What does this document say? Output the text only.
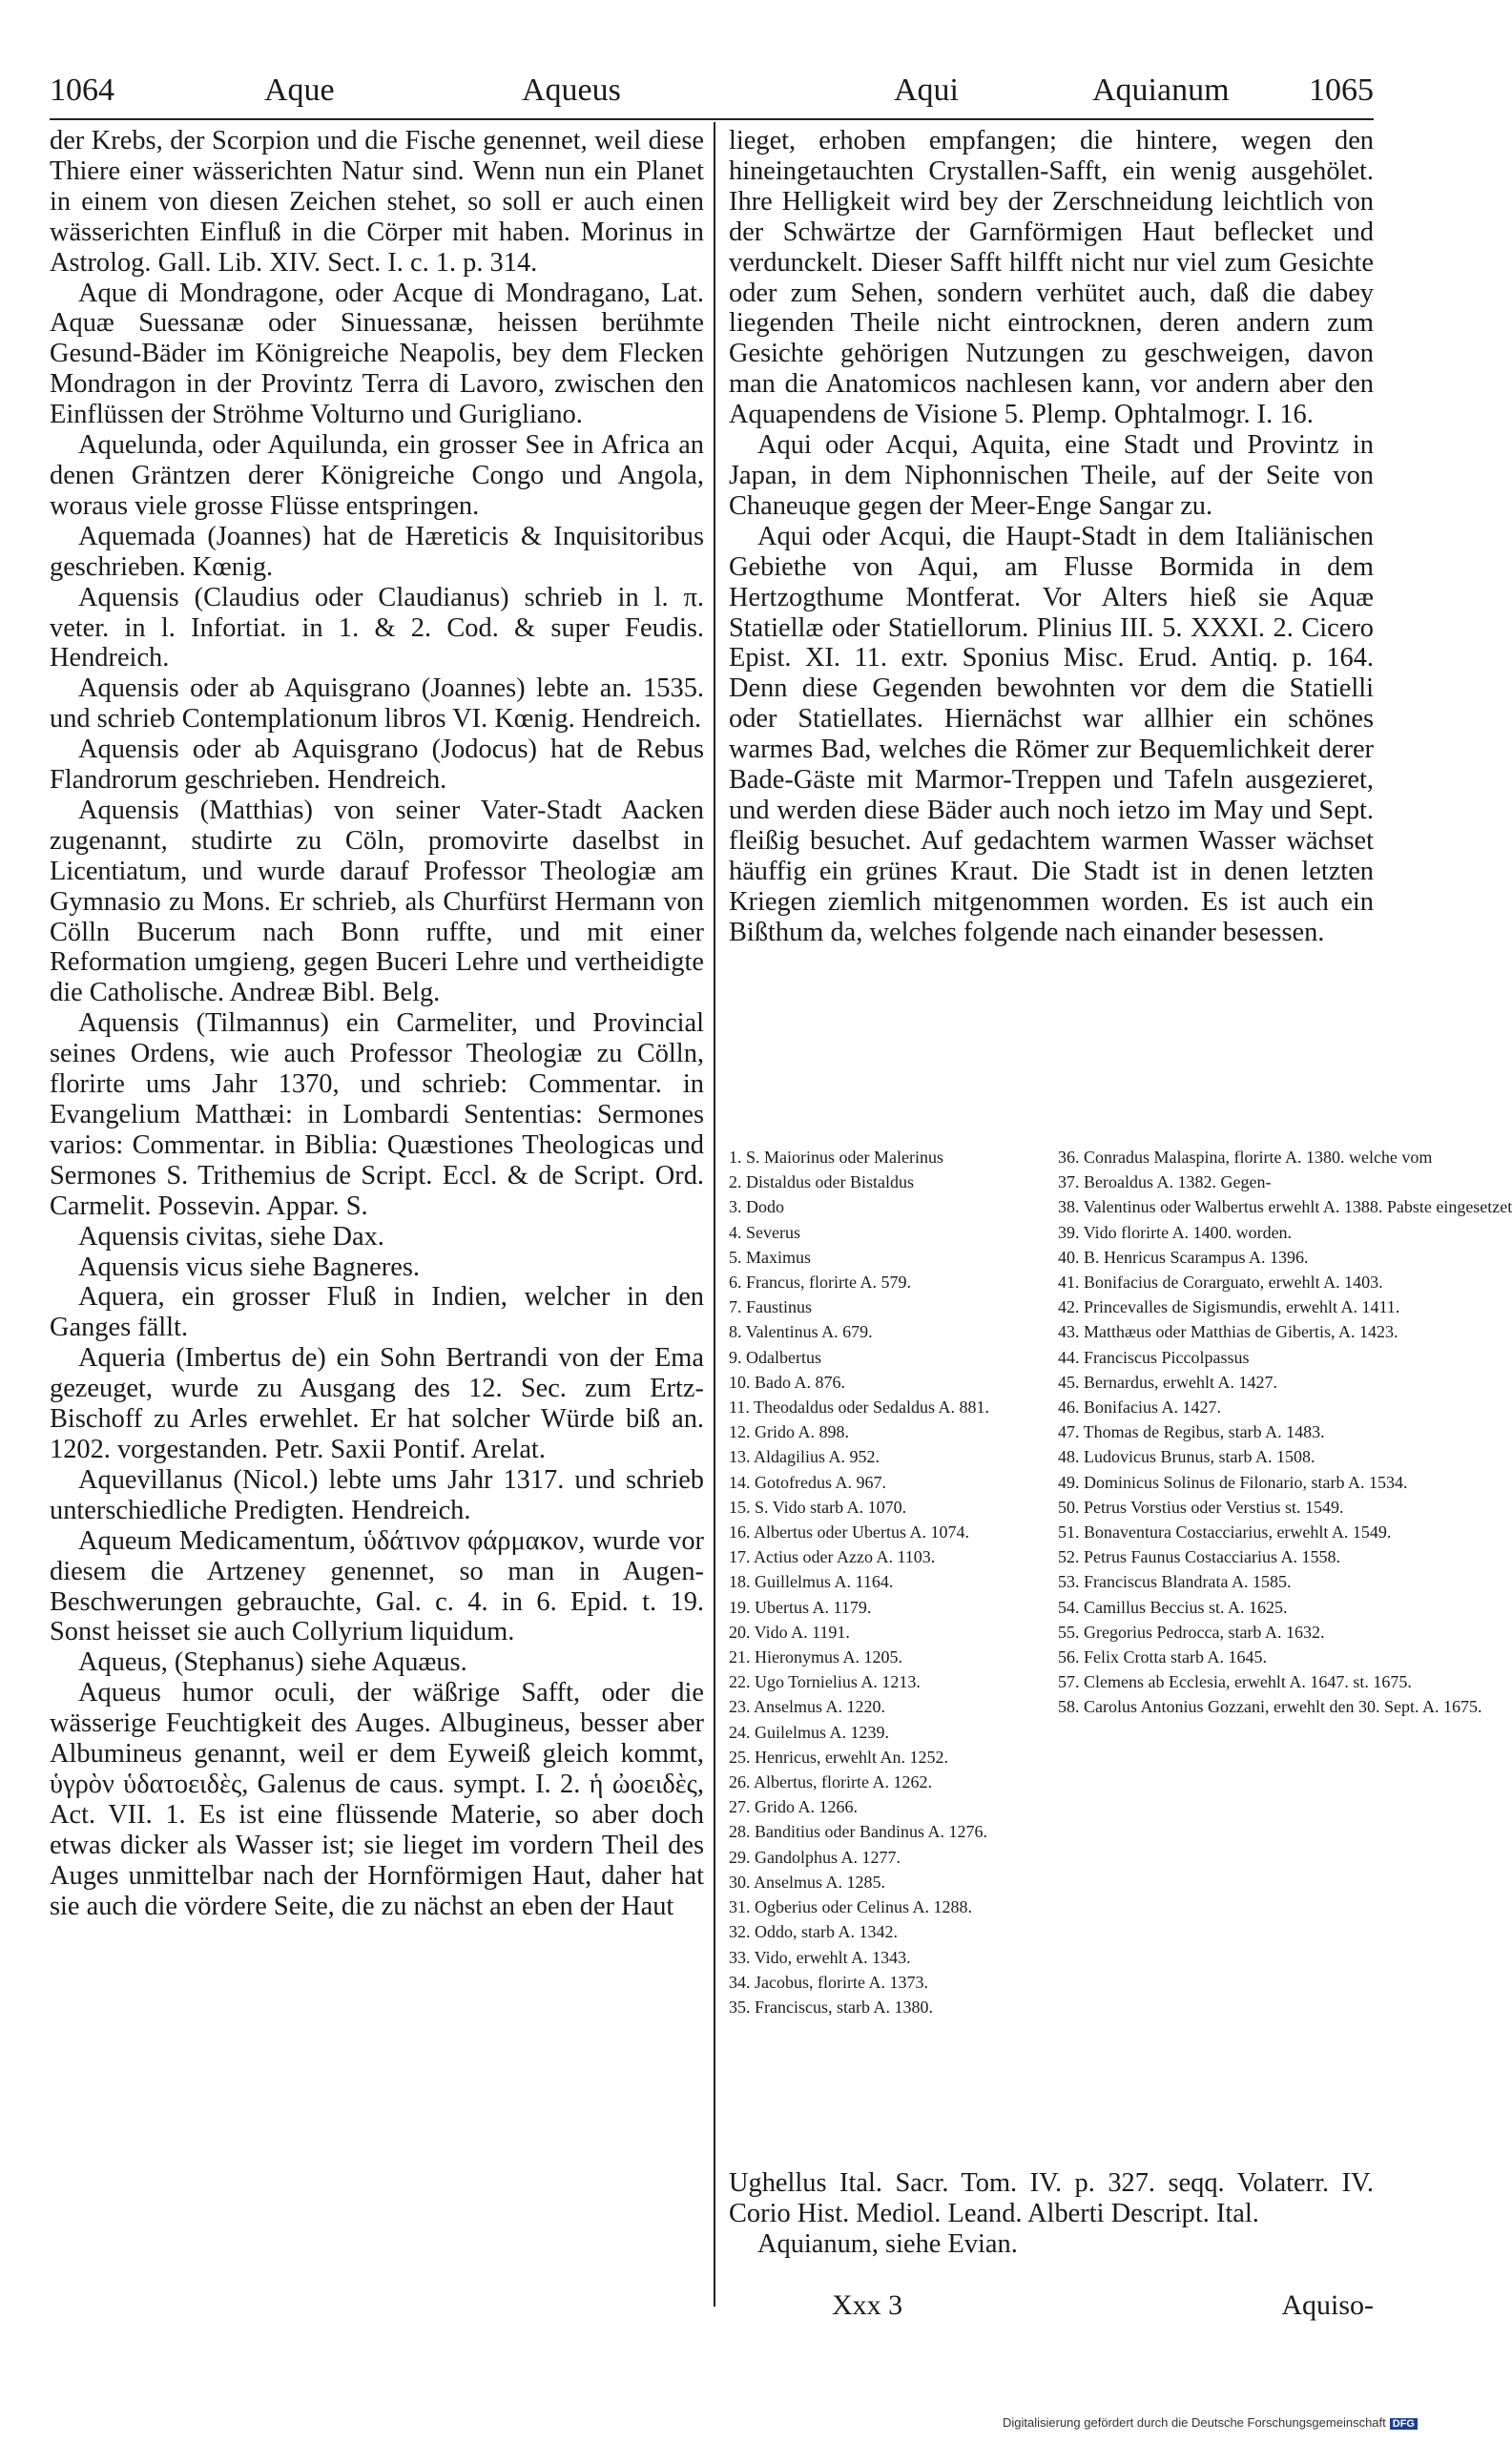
1064	Aque	Aqueus	Aqui	Aquianum 1065

der Krebs, der Scorpion und die Fische genennet, weil diese Thiere einer wässerichten Natur sind. Wenn nun ein Planet in einem von diesen Zeichen stehet, so soll er auch einen wässerichten Einfluß in die Cörper mit haben. Morinus in Astrolog. Gall. Lib. XIV. Sect. I. c. 1. p. 314.

Aque di Mondragone, oder Acque di Mondragano, Lat. Aquæ Suessanæ oder Sinuessanæ, heissen berühmte Gesund-Bäder im Königreiche Neapolis, bey dem Flecken Mondragon in der Provintz Terra di Lavoro, zwischen den Einflüssen der Ströhme Volturno und Gurigliano.

Aquelunda, oder Aquilunda, ein grosser See in Africa an denen Gräntzen derer Königreiche Congo und Angola, woraus viele grosse Flüsse entspringen.

Aquemada (Joannes) hat de Hæreticis & Inquisitoribus geschrieben. Kœnig.

Aquensis (Claudius oder Claudianus) schrieb in l. π. veter. in l. Infortiat. in 1. & 2. Cod. & super Feudis. Hendreich.

Aquensis oder ab Aquisgrano (Joannes) lebte an. 1535. und schrieb Contemplationum libros VI. Kœnig. Hendreich.

Aquensis oder ab Aquisgrano (Jodocus) hat de Rebus Flandrorum geschrieben. Hendreich.

Aquensis (Matthias) von seiner Vater-Stadt Aacken zugenannt, studirte zu Cöln, promovirte daselbst in Licentiatum, und wurde darauf Professor Theologiæ am Gymnasio zu Mons. Er schrieb, als Churfürst Hermann von Cölln Bucerum nach Bonn ruffte, und mit einer Reformation umgieng, gegen Buceri Lehre und vertheidigte die Catholische. Andreæ Bibl. Belg.

Aquensis (Tilmannus) ein Carmeliter, und Provincial seines Ordens, wie auch Professor Theologiæ zu Cölln, florirte ums Jahr 1370, und schrieb: Commentar. in Evangelium Matthæi: in Lombardi Sententias: Sermones varios: Commentar. in Biblia: Quæstiones Theologicas und Sermones S. Trithemius de Script. Eccl. & de Script. Ord. Carmelit. Possevin. Appar. S.

Aquensis civitas, siehe Dax.

Aquensis vicus siehe Bagneres.

Aquera, ein grosser Fluß in Indien, welcher in den Ganges fällt.

Aqueria (Imbertus de) ein Sohn Bertrandi von der Ema gezeuget, wurde zu Ausgang des 12. Sec. zum Ertz-Bischoff zu Arles erwehlet. Er hat solcher Würde biß an. 1202. vorgestanden. Petr. Saxii Pontif. Arelat.

Aquevillanus (Nicol.) lebte ums Jahr 1317. und schrieb unterschiedliche Predigten. Hendreich.

Aqueum Medicamentum, ὑδάτινον φάρμακον, wurde vor diesem die Artzeney genennet, so man in Augen-Beschwerungen gebrauchte, Gal. c. 4. in 6. Epid. t. 19. Sonst heisset sie auch Collyrium liquidum.

Aqueus, (Stephanus) siehe Aquæus.

Aqueus humor oculi, der wäßrige Safft, oder die wässerige Feuchtigkeit des Auges. Albugineus, besser aber Albumineus genannt, weil er dem Eyweiß gleich kommt, ὑγρὸν ὑδατοειδὲς, Galenus de caus. sympt. I. 2. ἡ ὠοειδὲς, Act. VII. 1. Es ist eine flüssende Materie, so aber doch etwas dicker als Wasser ist; sie lieget im vordern Theil des Auges unmittelbar nach der Hornförmigen Haut, daher hat sie auch die vördere Seite, die zu nächst an eben der Haut

lieget, erhoben empfangen; die hintere, wegen den hineingetauchten Crystallen-Safft, ein wenig ausgehölet. Ihre Helligkeit wird bey der Zerschneidung leichtlich von der Schwärtze der Garnförmigen Haut beflecket und verdunckelt. Dieser Safft hilfft nicht nur viel zum Gesichte oder zum Sehen, sondern verhütet auch, daß die dabey liegenden Theile nicht eintrocknen, deren andern zum Gesichte gehörigen Nutzungen zu geschweigen, davon man die Anatomicos nachlesen kann, vor andern aber den Aquapendens de Visione 5. Plemp. Ophtalmogr. I. 16.

Aqui oder Acqui, Aquita, eine Stadt und Provintz in Japan, in dem Niphonnischen Theile, auf der Seite von Chaneuque gegen der Meer-Enge Sangar zu.

Aqui oder Acqui, die Haupt-Stadt in dem Italiänischen Gebiethe von Aqui, am Flusse Bormida in dem Hertzogthume Montferat. Vor Alters hieß sie Aquæ Statiellæ oder Statiellorum. Plinius III. 5. XXXI. 2. Cicero Epist. XI. 11. extr. Sponius Misc. Erud. Antiq. p. 164. Denn diese Gegenden bewohnten vor dem die Statielli oder Statiellates. Hiernächst war allhier ein schönes warmes Bad, welches die Römer zur Bequemlichkeit derer Bade-Gäste mit Marmor-Treppen und Tafeln ausgezieret, und werden diese Bäder auch noch ietzo im May und Sept. fleißig besuchet. Auf gedachtem warmen Wasser wächset häuffig ein grünes Kraut. Die Stadt ist in denen letzten Kriegen ziemlich mitgenommen worden. Es ist auch ein Bißthum da, welches folgende nach einander besessen.

1. S. Maiorinus oder Malerinus
2. Distaldus oder Bistaldus
3. Dodo
4. Severus
5. Maximus
6. Francus, florirte A. 579.
7. Faustinus
8. Valentinus A. 679.
9. Odalbertus
10. Bado A. 876.
11. Theodaldus oder Sedaldus A. 881.
12. Grido A. 898.
13. Aldagilius A. 952.
14. Gotofredus A. 967.
15. S. Vido starb A. 1070.
16. Albertus oder Ubertus A. 1074.
17. Actius oder Azzo A. 1103.
18. Guillelmus A. 1164.
19. Ubertus A. 1179.
20. Vido A. 1191.
21. Hieronymus A. 1205.
22. Ugo Tornielius A. 1213.
23. Anselmus A. 1220.
24. Guilelmus A. 1239.
25. Henricus, erwehlt An. 1252.
26. Albertus, florirte A. 1262.
27. Grido A. 1266.
28. Banditius oder Bandinus A. 1276.
29. Gandolphus A. 1277.
30. Anselmus A. 1285.
31. Ogberius oder Celinus A. 1288.
32. Oddo, starb A. 1342.
33. Vido, erwehlt A. 1343.
34. Jacobus, florirte A. 1373.
35. Franciscus, starb A. 1380.
36. Conradus Malaspina, florirte A. 1380. welche vom
37. Beroaldus A. 1382. Gegen-
38. Valentinus oder Walbertus erwehlt A. 1388. Pabste eingesetzet
39. Vido florirte A. 1400. worden.
40. B. Henricus Scarampus A. 1396.
41. Bonifacius de Corarguato, erwehlt A. 1403.
42. Princevalles de Sigismundis, erwehlt A. 1411.
43. Matthæus oder Matthias de Gibertis, A. 1423.
44. Franciscus Piccolpassus
45. Bernardus, erwehlt A. 1427.
46. Bonifacius A. 1427.
47. Thomas de Regibus, starb A. 1483.
48. Ludovicus Brunus, starb A. 1508.
49. Dominicus Solinus de Filonario, starb A. 1534.
50. Petrus Vorstius oder Verstius st. 1549.
51. Bonaventura Costacciarius, erwehlt A. 1549.
52. Petrus Faunus Costacciarius A. 1558.
53. Franciscus Blandrata A. 1585.
54. Camillus Beccius st. A. 1625.
55. Gregorius Pedrocca, starb A. 1632.
56. Felix Crotta starb A. 1645.
57. Clemens ab Ecclesia, erwehlt A. 1647. st. 1675.
58. Carolus Antonius Gozzani, erwehlt den 30. Sept. A. 1675.

Ughellus Ital. Sacr. Tom. IV. p. 327. seqq. Volaterr. IV. Corio Hist. Mediol. Leand. Alberti Descript. Ital.

Aquianum, siehe Evian.

Xxx 3	Aquiso-
Digitalisierung gefördert durch die Deutsche Forschungsgemeinschaft DFG
